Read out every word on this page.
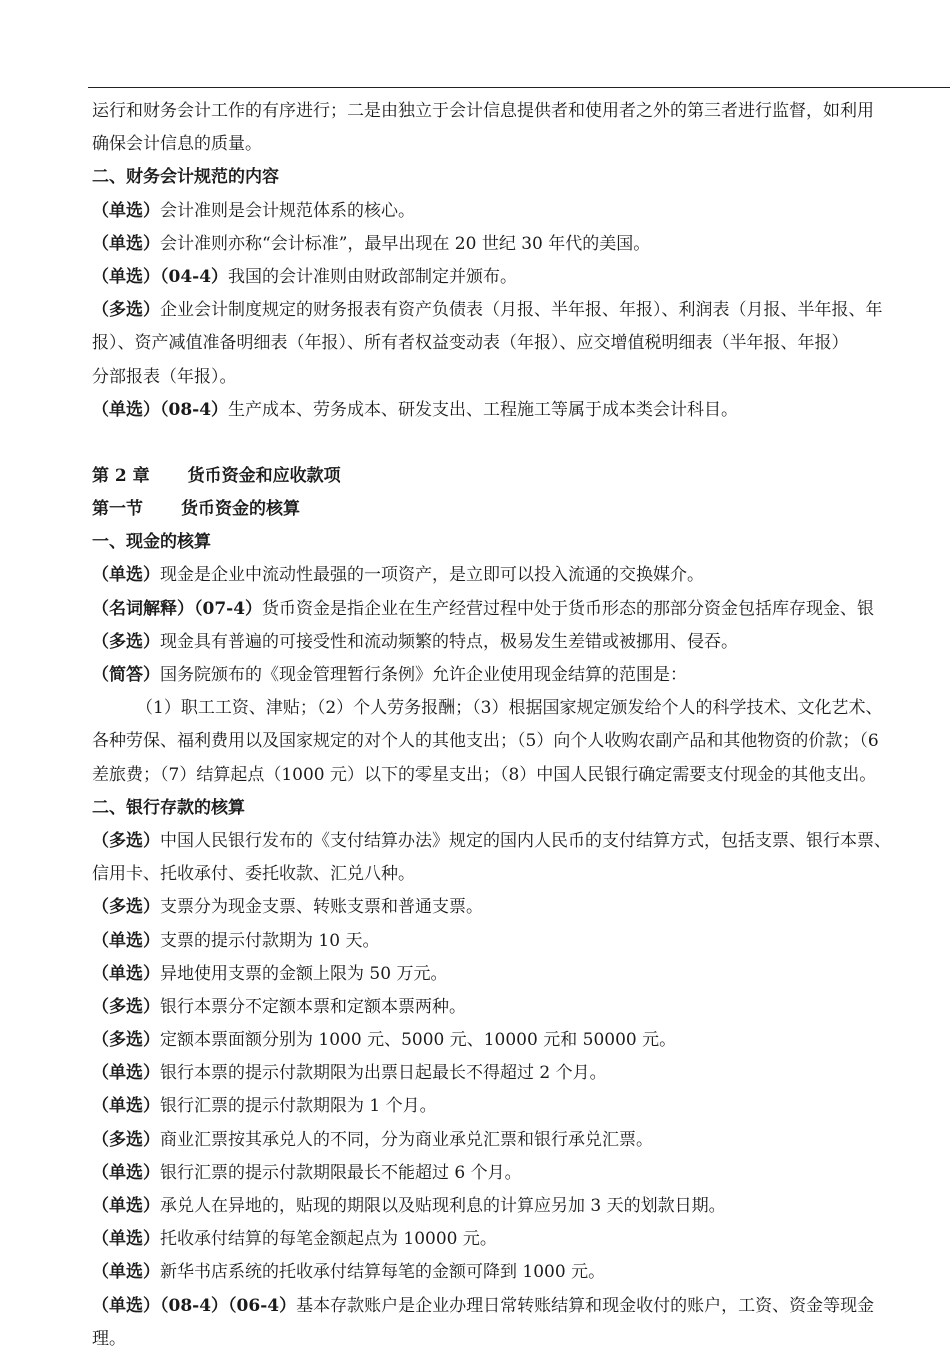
运行和财务会计工作的有序进行；二是由独立于会计信息提供者和使用者之外的第三者进行监督，如利用
确保会计信息的质量。
二、财务会计规范的内容
（单选）会计准则是会计规范体系的核心。
（单选）会计准则亦称“会计标准”，最早出现在 20 世纪 30 年代的美国。
（单选）（04-4）我国的会计准则由财政部制定并颁布。
（多选）企业会计制度规定的财务报表有资产负债表（月报、半年报、年报）、利润表（月报、半年报、年
报）、资产减值准备明细表（年报）、所有者权益变动表（年报）、应交增值税明细表（半年报、年报）
分部报表（年报）。
（单选）（08-4）生产成本、劳务成本、研发支出、工程施工等属于成本类会计科目。
第 2 章 货币资金和应收款项
第一节 货币资金的核算
一、现金的核算
（单选）现金是企业中流动性最强的一项资产，是立即可以投入流通的交换媒介。
（名词解释）（07-4）货币资金是指企业在生产经营过程中处于货币形态的那部分资金包括库存现金、银
（多选）现金具有普遍的可接受性和流动频繁的特点，极易发生差错或被挪用、侵吞。
（简答）国务院颁布的《现金管理暂行条例》允许企业使用现金结算的范围是：
（1）职工工资、津贴；（2）个人劳务报酬；（3）根据国家规定颁发给个人的科学技术、文化艺术、
各种劳保、福利费用以及国家规定的对个人的其他支出；（5）向个人收购农副产品和其他物资的价款；（6
差旅费；（7）结算起点（1000 元）以下的零星支出；（8）中国人民银行确定需要支付现金的其他支出。
二、银行存款的核算
（多选）中国人民银行发布的《支付结算办法》规定的国内人民币的支付结算方式，包括支票、银行本票、
信用卡、托收承付、委托收款、汇兑八种。
（多选）支票分为现金支票、转账支票和普通支票。
（单选）支票的提示付款期为 10 天。
（单选）异地使用支票的金额上限为 50 万元。
（多选）银行本票分不定额本票和定额本票两种。
（多选）定额本票面额分别为 1000 元、5000 元、10000 元和 50000 元。
（单选）银行本票的提示付款期限为出票日起最长不得超过 2 个月。
（单选）银行汇票的提示付款期限为 1 个月。
（多选）商业汇票按其承兑人的不同，分为商业承兑汇票和银行承兑汇票。
（单选）银行汇票的提示付款期限最长不能超过 6 个月。
（单选）承兑人在异地的，贴现的期限以及贴现利息的计算应另加 3 天的划款日期。
（单选）托收承付结算的每笔金额起点为 10000 元。
（单选）新华书店系统的托收承付结算每笔的金额可降到 1000 元。
（单选）（08-4）（06-4）基本存款账户是企业办理日常转账结算和现金收付的账户，工资、资金等现金
理。
